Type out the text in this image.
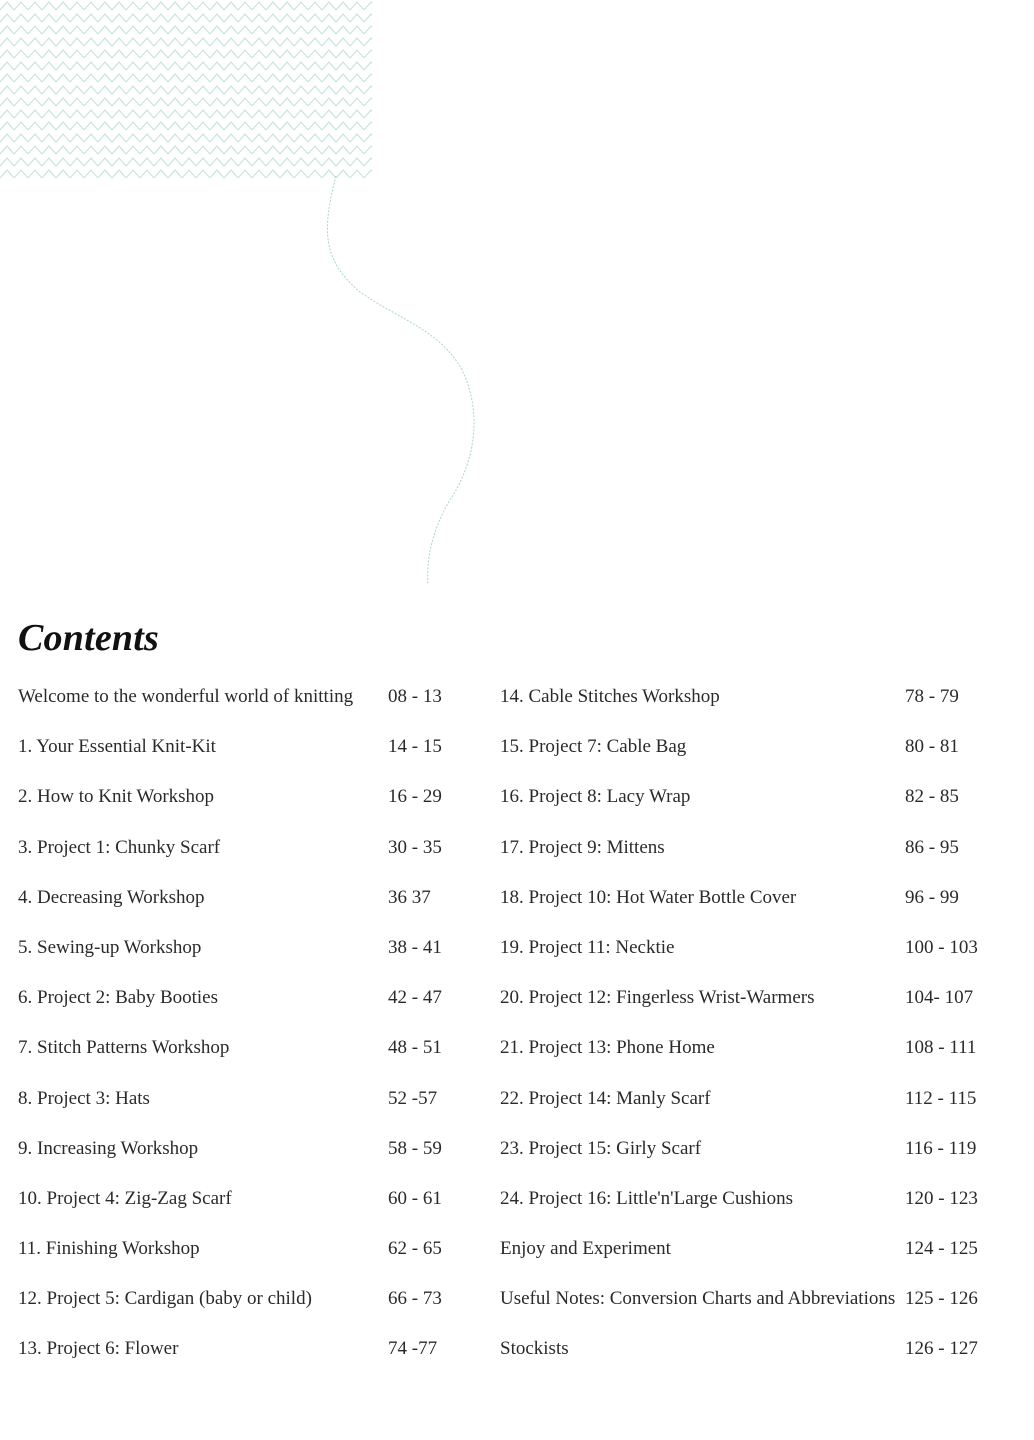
Contents
Welcome to the wonderful world of knitting 08 - 13
1. Your Essential Knit-Kit	14 - 15
2. How to Knit Workshop	16 - 29
3. Project 1: Chunky Scarf	30 - 35
4. Decreasing Workshop	36 37
5. Sewing-up Workshop	38 - 41
6. Project 2: Baby Booties	42 - 47
7. Stitch Patterns Workshop	48 - 51
8. Project 3: Hats	52 -57
9. Increasing Workshop	58 - 59
10. Project 4: Zig-Zag Scarf	60 - 61
11. Finishing Workshop	62 - 65
12. Project 5: Cardigan (baby or child)	66 - 73
13. Project 6: Flower	74 -77
14. Cable Stitches Workshop	78 - 79
15. Project 7: Cable Bag	80 - 81
16. Project 8: Lacy Wrap	82 - 85
17. Project 9: Mittens	86 - 95
18. Project 10: Hot Water Bottle Cover	96 - 99
19. Project 11: Necktie	100 - 103
20. Project 12: Fingerless Wrist-Warmers	104- 107
21. Project 13: Phone Home	108 - 111
22. Project 14: Manly Scarf	112 - 115
23. Project 15: Girly Scarf	116 - 119
24. Project 16: Little'n'Large Cushions	120 - 123
Enjoy and Experiment	124 - 125
Useful Notes: Conversion Charts and Abbreviations 125 - 126
Stockists	126 - 127
